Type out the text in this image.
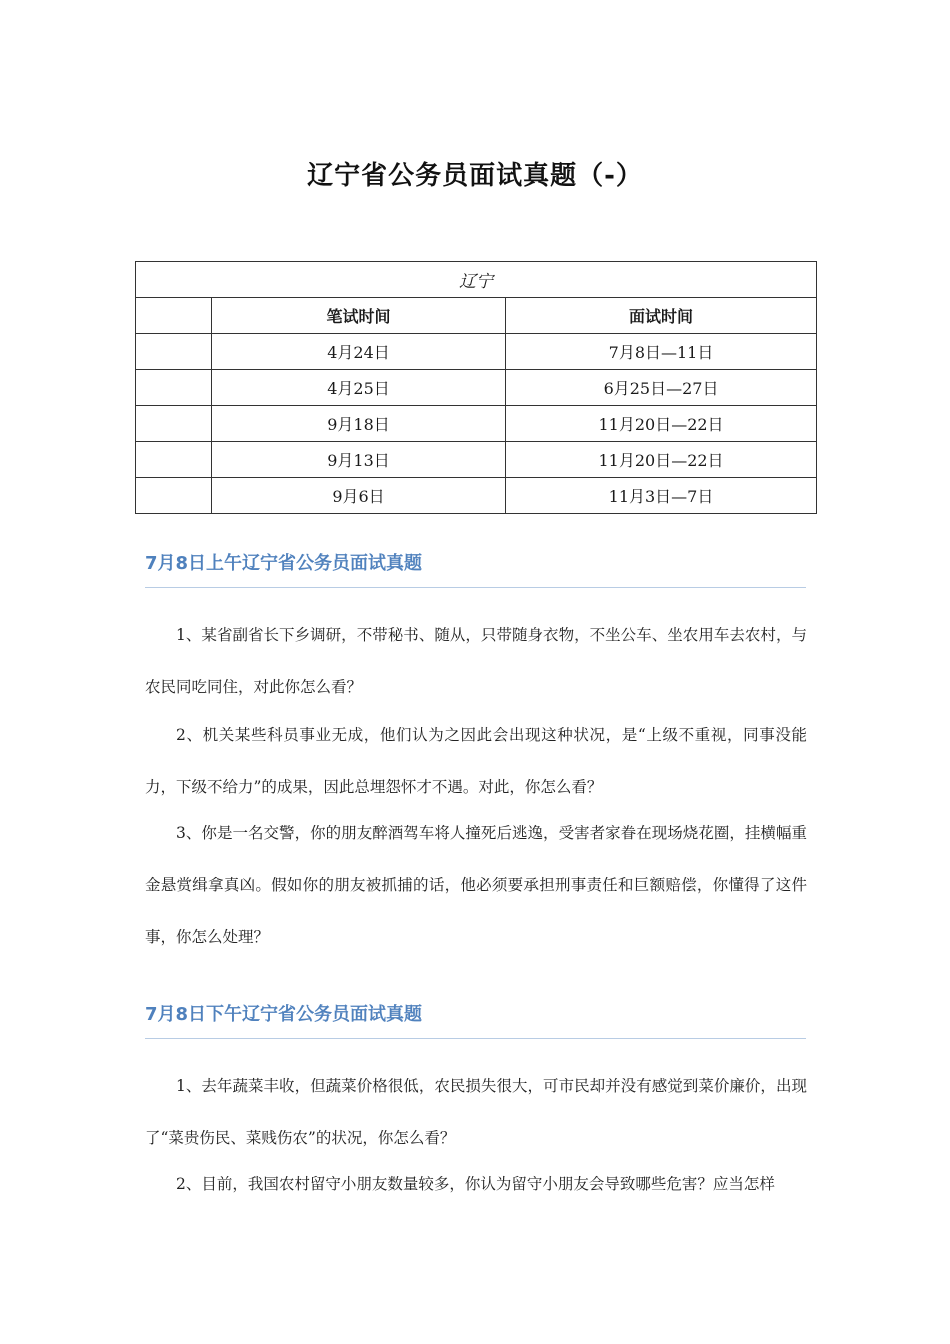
辽宁省公务员面试真题（-）
辽宁		
	笔试时间	面试时间
	4月24日	7月8日—11日
	4月25日	6月25日—27日
	9月18日	11月20日—22日
	9月13日	11月20日—22日
	9月6日	11月3日—7日
7月8日上午辽宁省公务员面试真题
1、某省副省长下乡调研，不带秘书、随从，只带随身衣物，不坐公车、坐农用车去农村，与农民同吃同住，对此你怎么看？
2、机关某些科员事业无成，他们认为之因此会出现这种状况，是“上级不重视，同事没能力，下级不给力”的成果，因此总埋怨怀才不遇。对此，你怎么看？
3、你是一名交警，你的朋友醉酒驾车将人撞死后逃逸，受害者家眷在现场烧花圈，挂横幅重金悬赏缉拿真凶。假如你的朋友被抓捕的话，他必须要承担刑事责任和巨额赔偿，你懂得了这件事，你怎么处理？
7月8日下午辽宁省公务员面试真题
1、去年蔬菜丰收，但蔬菜价格很低，农民损失很大，可市民却并没有感觉到菜价廉价，出现了“菜贵伤民、菜贱伤农”的状况，你怎么看？
2、目前，我国农村留守小朋友数量较多，你认为留守小朋友会导致哪些危害？应当怎样
